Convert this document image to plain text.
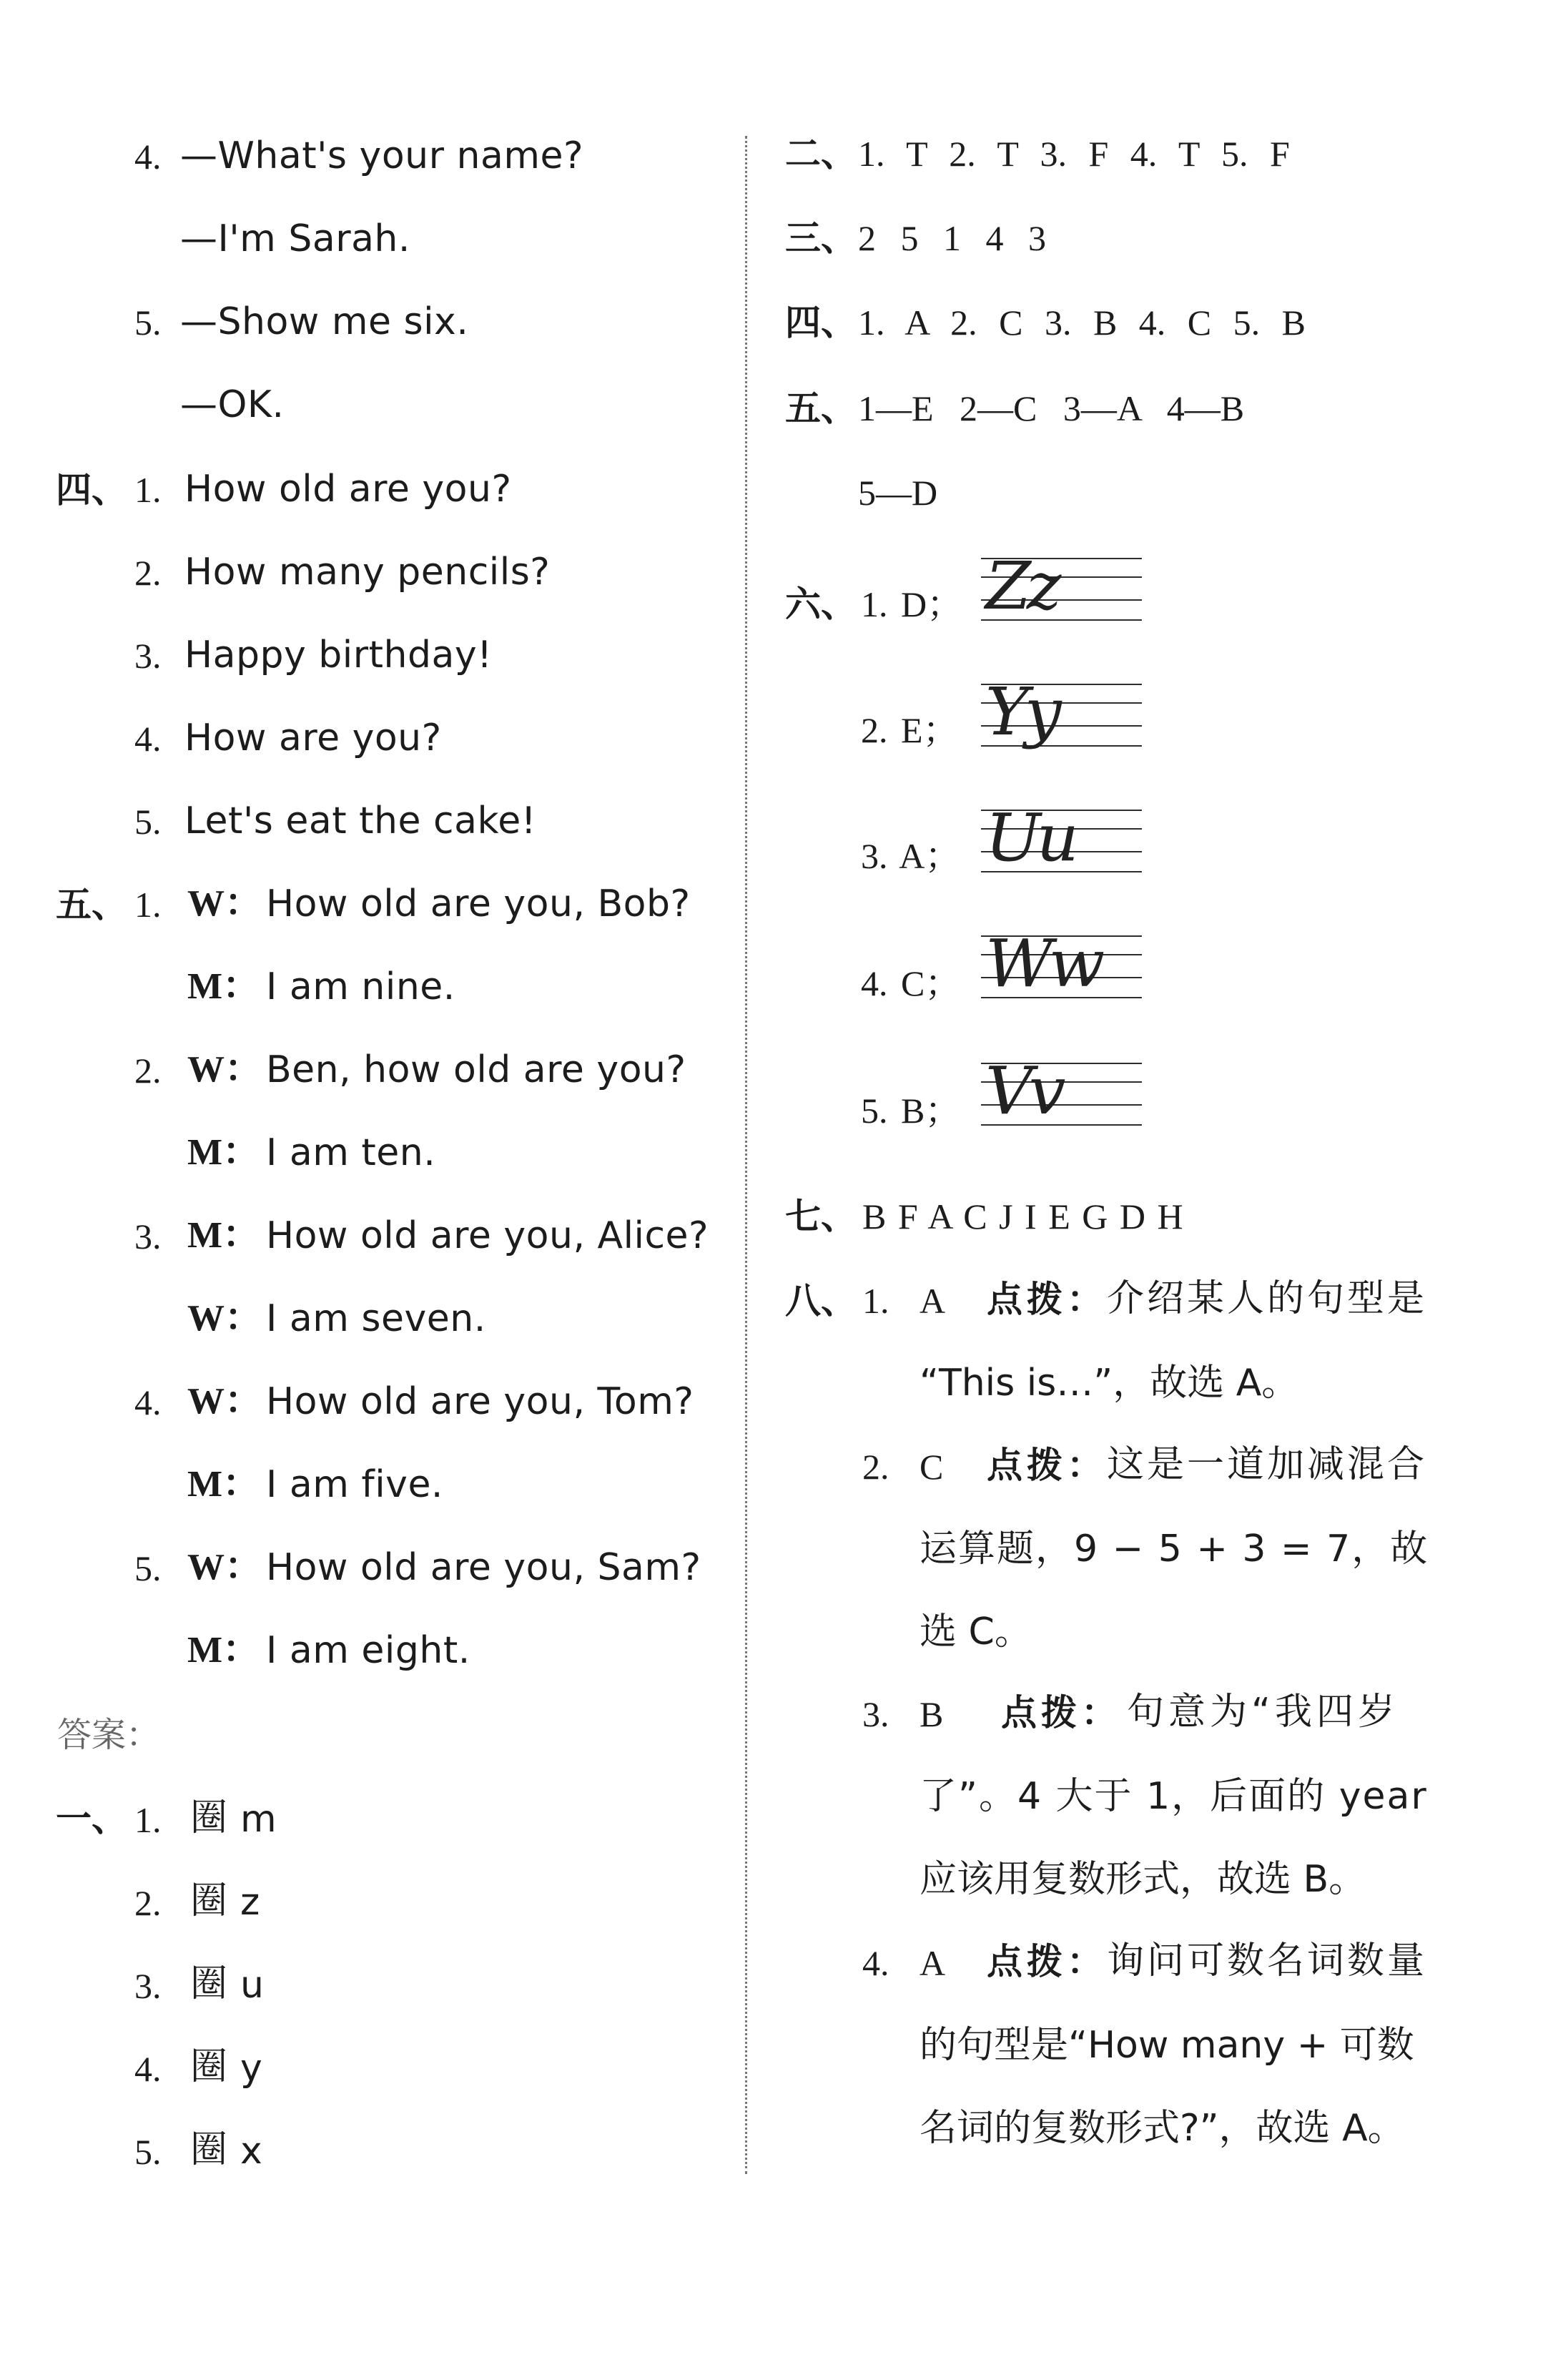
4. —What's your name?
—I'm Sarah.
5. —Show me six.
—OK.
四、 1. How old are you?
2. How many pencils?
3. Happy birthday!
4. How are you?
5. Let's eat the cake!
五、 1. W： How old are you, Bob?
M： I am nine.
2. W： Ben, how old are you?
M： I am ten.
3. M： How old are you, Alice?
W： I am seven.
4. W： How old are you, Tom?
M： I am five.
5. W： How old are you, Sam?
M： I am eight.
答案：
一、 1. 圈 m
2. 圈 z
3. 圈 u
4. 圈 y
5. 圈 x
二、 1. T 2. T 3. F 4. T 5. F
三、 2 5 1 4 3
四、 1. A 2. C 3. B 4. C 5. B
五、 1—E 2—C 3—A 4—B
5—D
六、 1. D； Zz
2. E； Yy
3. A； Uu
4. C； Ww
5. B； Vv
七、 B F A C J I E G D H
八、 1. A 点拨： 介绍某人的句型是
“This is…”，故选 A。
2. C 点拨： 这是一道加减混合
运算题，9 − 5 + 3 = 7，故
选 C。
3. B 点拨： 句意为“我四岁
了”。4 大于 1，后面的 year
应该用复数形式，故选 B。
4. A 点拨： 询问可数名词数量
的句型是“How many + 可数
名词的复数形式?”，故选 A。
